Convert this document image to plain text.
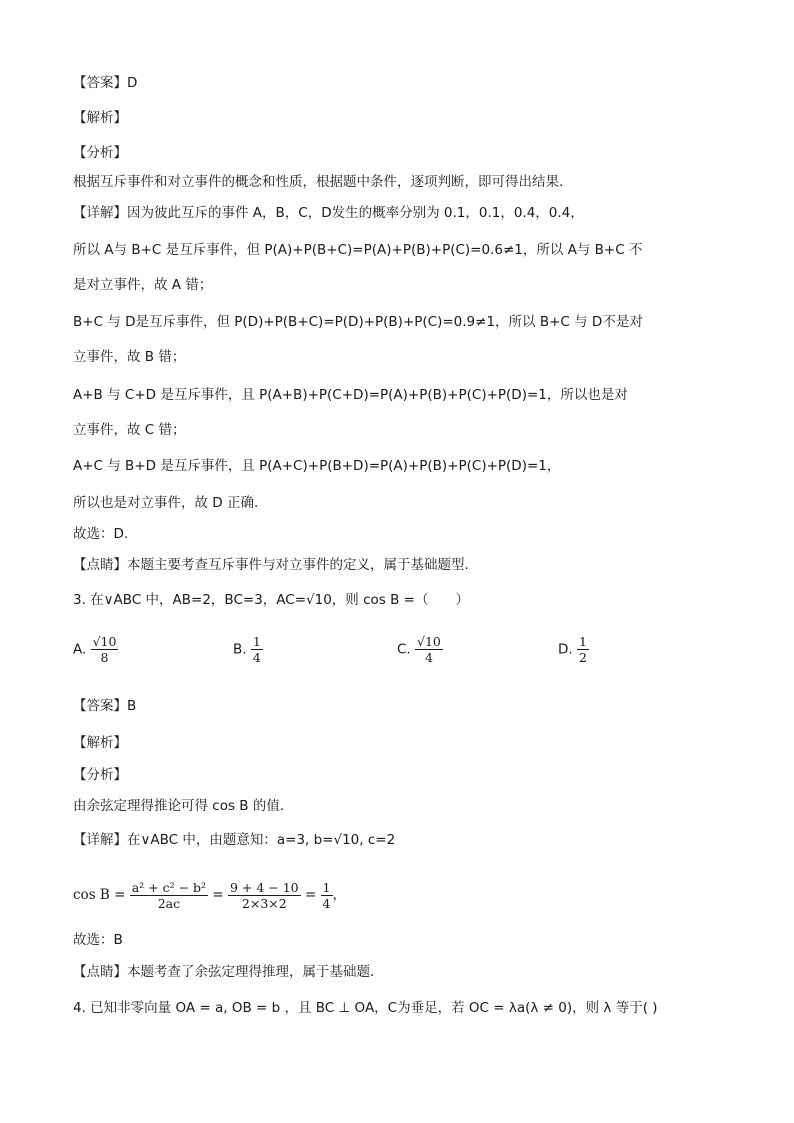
【答案】D
【解析】
【分析】
根据互斥事件和对立事件的概念和性质，根据题中条件，逐项判断，即可得出结果.
【详解】因为彼此互斥的事件 A，B，C，D发生的概率分别为 0.1，0.1，0.4，0.4，
所以 A与 B+C 是互斥事件，但 P(A)+P(B+C)=P(A)+P(B)+P(C)=0.6≠1，所以 A与 B+C 不
是对立事件，故 A 错；
B+C 与 D是互斥事件，但 P(D)+P(B+C)=P(D)+P(B)+P(C)=0.9≠1，所以 B+C 与 D不是对
立事件，故 B 错；
A+B 与 C+D 是互斥事件，且 P(A+B)+P(C+D)=P(A)+P(B)+P(C)+P(D)=1，所以也是对
立事件，故 C 错；
A+C 与 B+D 是互斥事件，且 P(A+C)+P(B+D)=P(A)+P(B)+P(C)+P(D)=1，
所以也是对立事件，故 D 正确.
故选：D.
【点睛】本题主要考查互斥事件与对立事件的定义，属于基础题型.
3. 在∨ABC 中，AB=2，BC=3，AC=√10，则 cos B =（　　）
A. $\frac{√10}{8}$	B. $\frac{1}{4}$	C. $\frac{√10}{4}$	D. $\frac{1}{2}$
【答案】B
【解析】
【分析】
由余弦定理得推论可得 cos B 的值.
【详解】在∨ABC 中，由题意知：a=3, b=√10, c=2
$\cos B = \frac{\text{a² + c² − b²}}{2ac} = \frac{9 + 4 - 10}{2\times 3\times 2} = \frac{1}{4}$ ，
故选：B
【点睛】本题考查了余弦定理得推理，属于基础题.
4. 已知非零向量 OA = a, OB = b ，且 BC ⊥ OA，C为垂足，若 OC = λa(λ ≠ 0)，则 λ 等于( )
